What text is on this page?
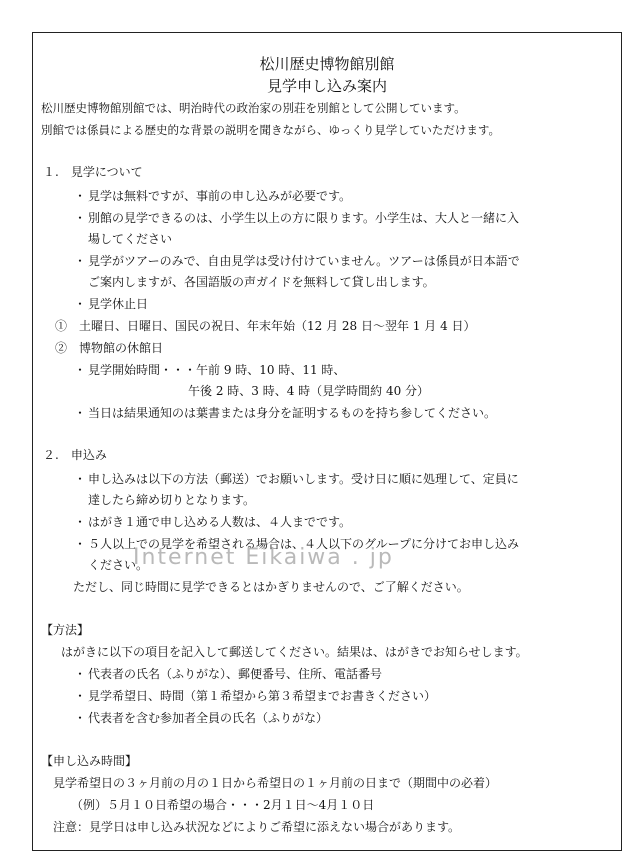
松川歴史博物館別館
見学申し込み案内
松川歴史博物館別館では、明治時代の政治家の別荘を別館として公開しています。
別館では係員による歴史的な背景の説明を聞きながら、ゆっくり見学していただけます。
１.　見学について
・ 見学は無料ですが、事前の申し込みが必要です。
・ 別館の見学できるのは、小学生以上の方に限ります。小学生は、大人と一緒に入
場してください
・ 見学がツアーのみで、自由見学は受け付けていません。ツアーは係員が日本語で
ご案内しますが、各国語版の声ガイドを無料して貸し出します。
・ 見学休止日
①　土曜日、日曜日、国民の祝日、年末年始（12 月 28 日～翌年 1 月 4 日）
②　博物館の休館日
・ 見学開始時間・・・午前 9 時、10 時、11 時、
午後 2 時、3 時、4 時（見学時間約 40 分）
・ 当日は結果通知のは葉書または身分を証明するものを持ち参してください。
２.　申込み
・ 申し込みは以下の方法（郵送）でお願いします。受け日に順に処理して、定員に
達したら締め切りとなります。
・ はがき１通で申し込める人数は、４人までです。
・ ５人以上での見学を希望される場合は、４人以下のグループに分けてお申し込み
ください。
Internet Eikaiwa . jp
ただし、同じ時間に見学できるとはかぎりませんので、ご了解ください。
【方法】
はがきに以下の項目を記入して郵送してください。結果は、はがきでお知らせします。
・ 代表者の氏名（ふりがな）、郵便番号、住所、電話番号
・ 見学希望日、時間（第１希望から第３希望までお書きください）
・ 代表者を含む参加者全員の氏名（ふりがな）
【申し込み時間】
見学希望日の３ヶ月前の月の１日から希望日の１ヶ月前の日まで（期間中の必着）
（例）５月１０日希望の場合・・・2月１日～4月１０日
注意：見学日は申し込み状況などによりご希望に添えない場合があります。
